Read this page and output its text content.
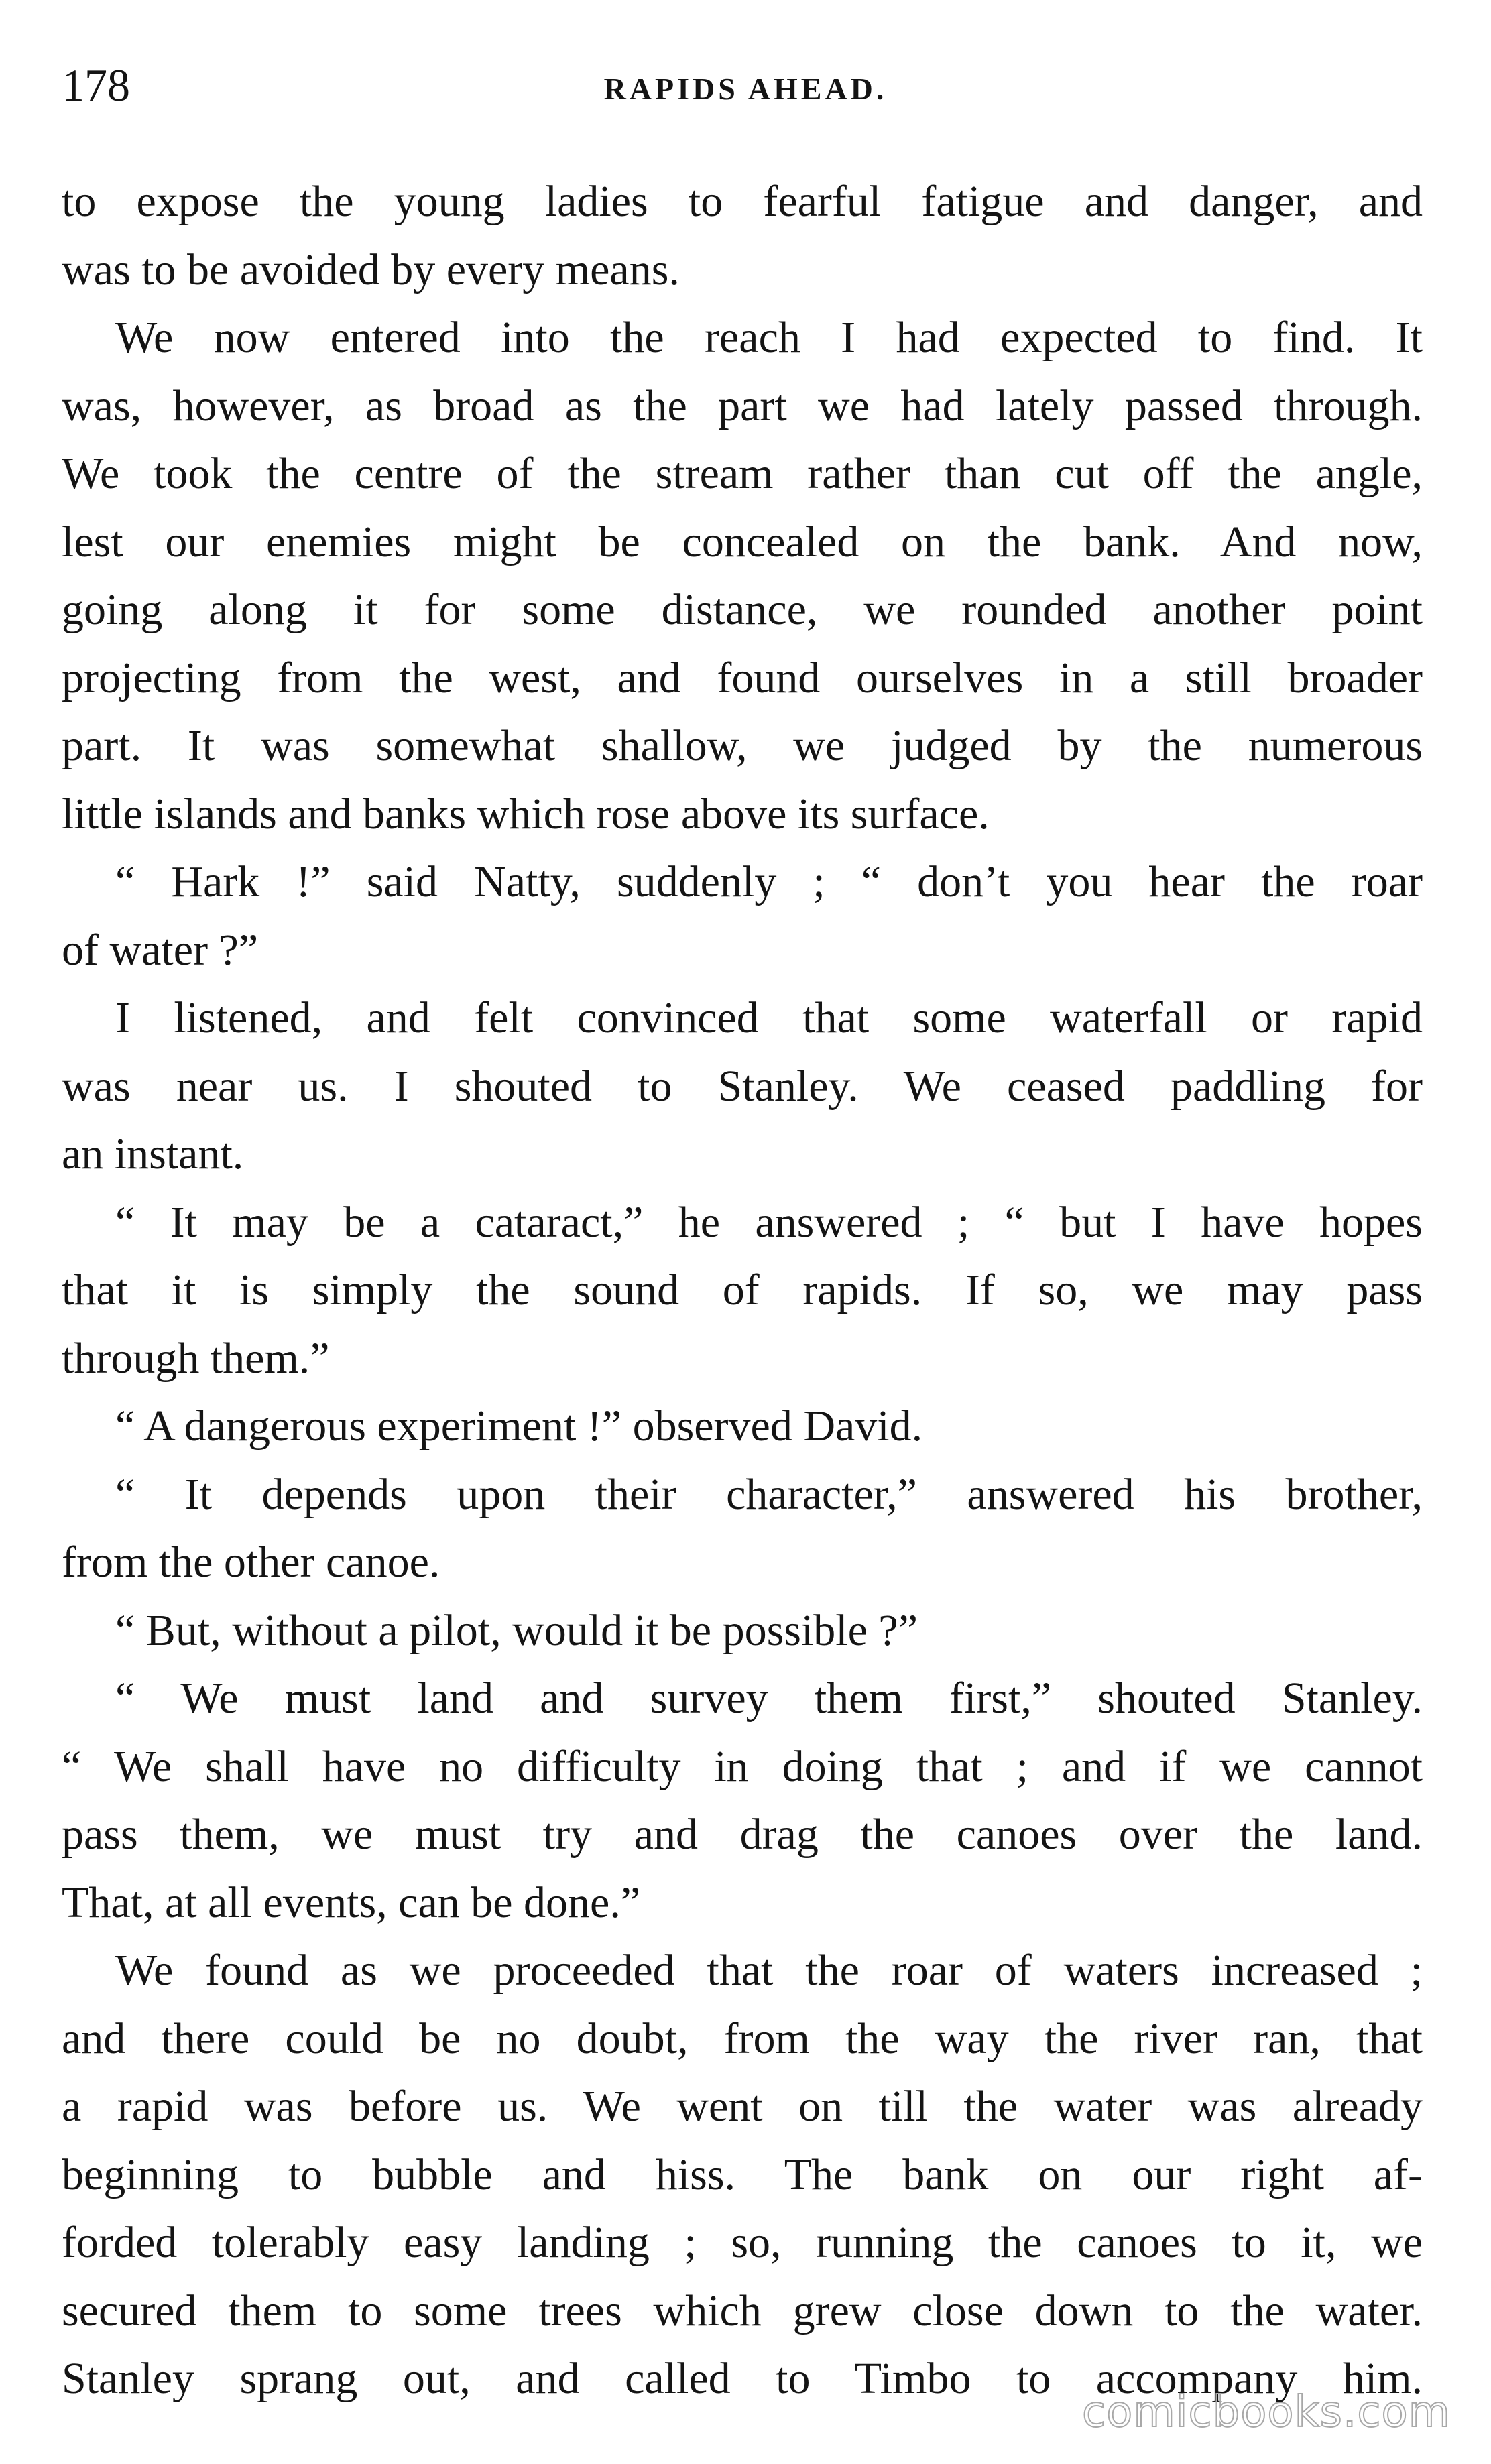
178	RAPIDS AHEAD.
to expose the young ladies to fearful fatigue and danger, and
was to be avoided by every means.
We now entered into the reach I had expected to find. It
was, however, as broad as the part we had lately passed through.
We took the centre of the stream rather than cut off the angle,
lest our enemies might be concealed on the bank. And now,
going along it for some distance, we rounded another point
projecting from the west, and found ourselves in a still broader
part. It was somewhat shallow, we judged by the numerous
little islands and banks which rose above its surface.
“ Hark !” said Natty, suddenly ; “ don’t you hear the roar
of water ?”
I listened, and felt convinced that some waterfall or rapid
was near us. I shouted to Stanley. We ceased paddling for
an instant.
“ It may be a cataract,” he answered ; “ but I have hopes
that it is simply the sound of rapids. If so, we may pass
through them.”
“ A dangerous experiment !” observed David.
“ It depends upon their character,” answered his brother,
from the other canoe.
“ But, without a pilot, would it be possible ?”
“ We must land and survey them first,” shouted Stanley.
“ We shall have no difficulty in doing that ; and if we cannot
pass them, we must try and drag the canoes over the land.
That, at all events, can be done.”
We found as we proceeded that the roar of waters increased ;
and there could be no doubt, from the way the river ran, that
a rapid was before us. We went on till the water was already
beginning to bubble and hiss. The bank on our right af-
forded tolerably easy landing ; so, running the canoes to it, we
secured them to some trees which grew close down to the water.
Stanley sprang out, and called to Timbo to accompany him.
comicbooks.com
